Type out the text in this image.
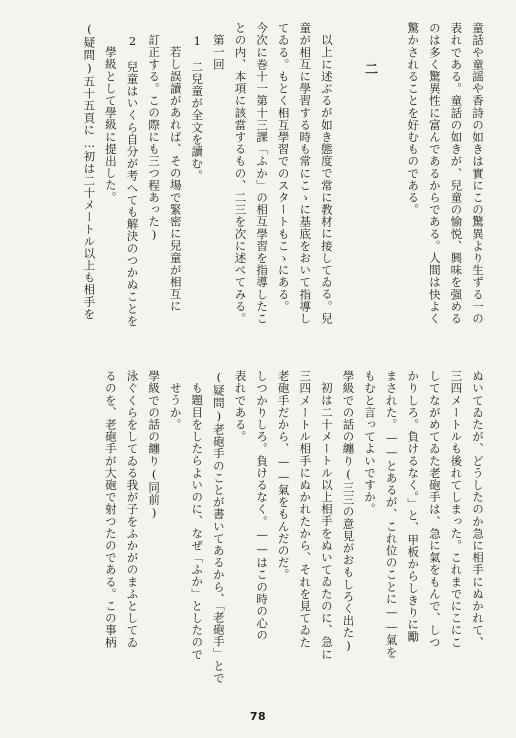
童話や童謡や香詩の如きは實にこの驚異より生ずる一の
表れである。童話の如きが、兒童の愉悦、興味を强める
のは多く驚異性に富んであるからである。人間は快よく
驚かされることを好むものである。
二
以上に述ぶるが如き態度で常に教材に接してゐる。兒
童が相互に學習する時も常にこゝに基底をおいて指導し
てゐる。もとく相互學習でのスタートもこゝにある。
今次に巻十一第十三課「ふか」の相互學習を指導したこ
との内、本項に該當するもの、二三を次に述べてみる。
第一回
1　二兒童が全文を讀む。
若し誤讀があれば、その場で緊密に兒童が相互に
訂正する。この際にも三つ程あった)
2　兒童はいくら自分が考へても解決のつかぬことを
學級として學級に提出した。
(疑問)五十五頁に…初は二十メートル以上も相手を
ぬいてゐたが、どうしたのか急に相手にぬかれて、
三四メートルも後れてしまった。これまでにこにこ
してながめてゐた老砲手は、急に氣をもんで、しつ
かりしろ。負けるなく。」と、甲板からしきりに勵
まされた。——とあるが、これ位のことに——氣を
もむと言ってよいですか。
學級での話の纏り(三三の意見がおもしろく出た)
初は二十メートル以上相手をぬいてゐたのに、急に
三四メートル相手にぬかれたから、それを見てゐた
老砲手だから、——氣をもんだのだ。
しつかりしろ。負けるなく。——はこの時の心の
表れである。
(疑問)老砲手のことが書いてあるから、「老砲手」とで
も題目をしたらよいのに、なぜ「ふか」としたので
せうか。
學級での話の纏り(同前)
泳ぐくらをしてゐる我が子をふかがのまふとしてゐ
るのを、老砲手が大砲で射つたのである。この事柄
78
